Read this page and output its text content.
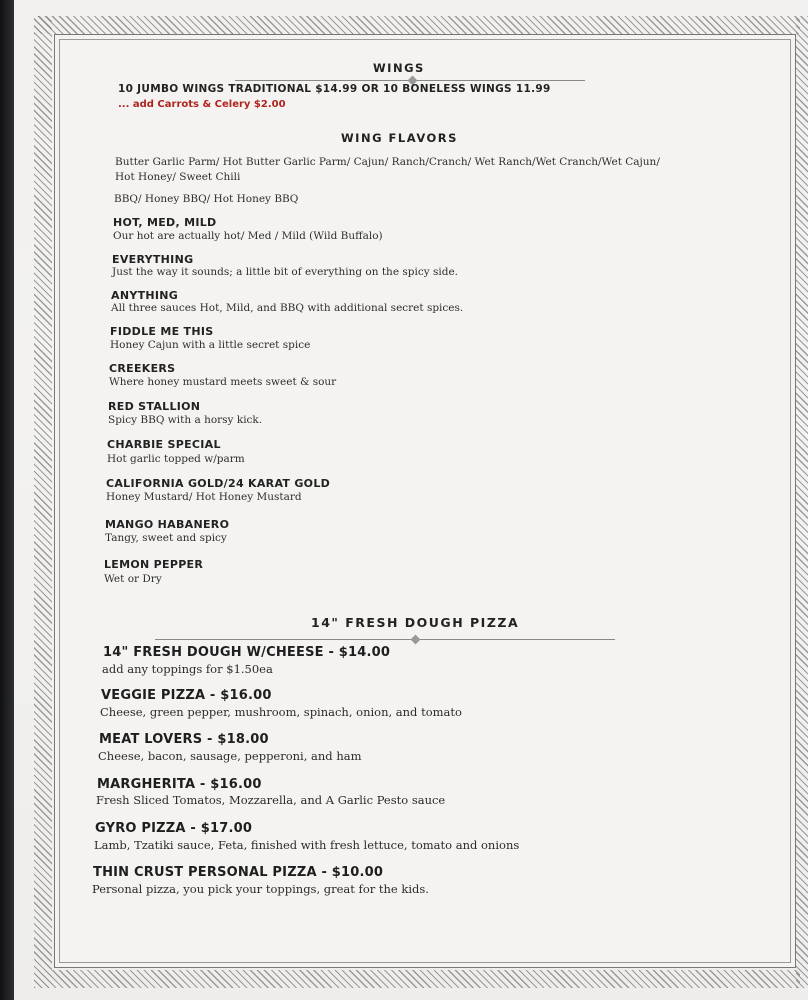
WINGS
10 JUMBO WINGS TRADITIONAL $14.99 OR 10 BONELESS WINGS 11.99
... add Carrots & Celery $2.00
WING FLAVORS
Butter Garlic Parm/ Hot Butter Garlic Parm/ Cajun/ Ranch/Cranch/ Wet Ranch/Wet Cranch/Wet Cajun/
Hot Honey/ Sweet Chili
BBQ/ Honey BBQ/ Hot Honey BBQ
HOT, MED, MILD
Our hot are actually hot/ Med / Mild (Wild Buffalo)
EVERYTHING
Just the way it sounds; a little bit of everything on the spicy side.
ANYTHING
All three sauces Hot, Mild, and BBQ with additional secret spices.
FIDDLE ME THIS
Honey Cajun with a little secret spice
CREEKERS
Where honey mustard meets sweet & sour
RED STALLION
Spicy BBQ with a horsy kick.
CHARBIE SPECIAL
Hot garlic topped w/parm
CALIFORNIA GOLD/24 KARAT GOLD
Honey Mustard/ Hot Honey Mustard
MANGO HABANERO
Tangy, sweet and spicy
LEMON PEPPER
Wet or Dry
14" FRESH DOUGH PIZZA
14" FRESH DOUGH W/CHEESE - $14.00
add any toppings for $1.50ea
VEGGIE PIZZA - $16.00
Cheese, green pepper, mushroom, spinach, onion, and tomato
MEAT LOVERS - $18.00
Cheese, bacon, sausage, pepperoni, and ham
MARGHERITA - $16.00
Fresh Sliced Tomatos, Mozzarella, and A Garlic Pesto sauce
GYRO PIZZA - $17.00
Lamb, Tzatiki sauce, Feta, finished with fresh lettuce, tomato and onions
THIN CRUST PERSONAL PIZZA - $10.00
Personal pizza, you pick your toppings, great for the kids.
